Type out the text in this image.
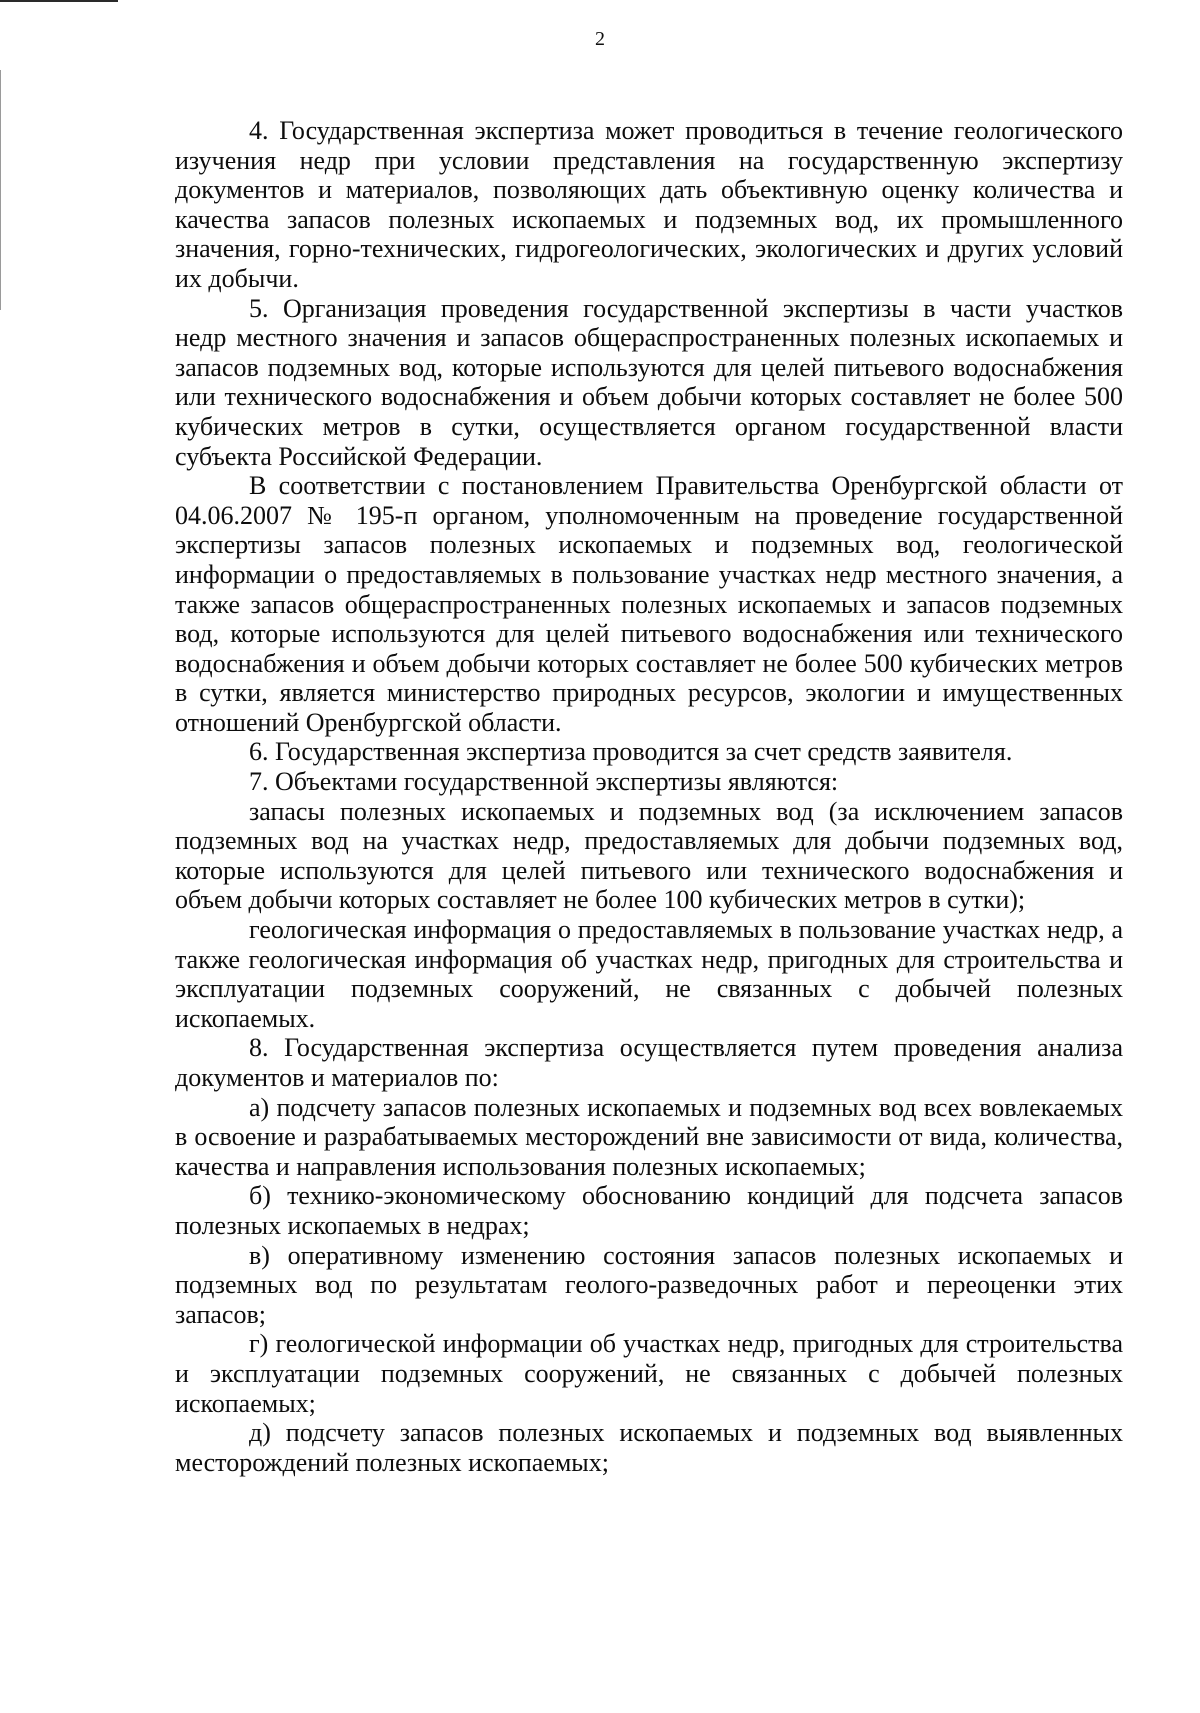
2

4. Государственная экспертиза может проводиться в течение геологического изучения недр при условии представления на государственную экспертизу документов и материалов, позволяющих дать объективную оценку количества и качества запасов полезных ископаемых и подземных вод, их промышленного значения, горно-технических, гидрогеологических, экологических и других условий их добычи.

5. Организация проведения государственной экспертизы в части участков недр местного значения и запасов общераспространенных полезных ископаемых и запасов подземных вод, которые используются для целей питьевого водоснабжения или технического водоснабжения и объем добычи которых составляет не более 500 кубических метров в сутки, осуществляется органом государственной власти субъекта Российской Федерации.

В соответствии с постановлением Правительства Оренбургской области от 04.06.2007 № 195-п органом, уполномоченным на проведение государственной экспертизы запасов полезных ископаемых и подземных вод, геологической информации о предоставляемых в пользование участках недр местного значения, а также запасов общераспространенных полезных ископаемых и запасов подземных вод, которые используются для целей питьевого водоснабжения или технического водоснабжения и объем добычи которых составляет не более 500 кубических метров в сутки, является министерство природных ресурсов, экологии и имущественных отношений Оренбургской области.

6. Государственная экспертиза проводится за счет средств заявителя.

7. Объектами государственной экспертизы являются:

запасы полезных ископаемых и подземных вод (за исключением запасов подземных вод на участках недр, предоставляемых для добычи подземных вод, которые используются для целей питьевого или технического водоснабжения и объем добычи которых составляет не более 100 кубических метров в сутки);

геологическая информация о предоставляемых в пользование участках недр, а также геологическая информация об участках недр, пригодных для строительства и эксплуатации подземных сооружений, не связанных с добычей полезных ископаемых.

8. Государственная экспертиза осуществляется путем проведения анализа документов и материалов по:

а) подсчету запасов полезных ископаемых и подземных вод всех вовлекаемых в освоение и разрабатываемых месторождений вне зависимости от вида, количества, качества и направления использования полезных ископаемых;

б) технико-экономическому обоснованию кондиций для подсчета запасов полезных ископаемых в недрах;

в) оперативному изменению состояния запасов полезных ископаемых и подземных вод по результатам геолого-разведочных работ и переоценки этих запасов;

г) геологической информации об участках недр, пригодных для строительства и эксплуатации подземных сооружений, не связанных с добычей полезных ископаемых;

д) подсчету запасов полезных ископаемых и подземных вод выявленных месторождений полезных ископаемых;
